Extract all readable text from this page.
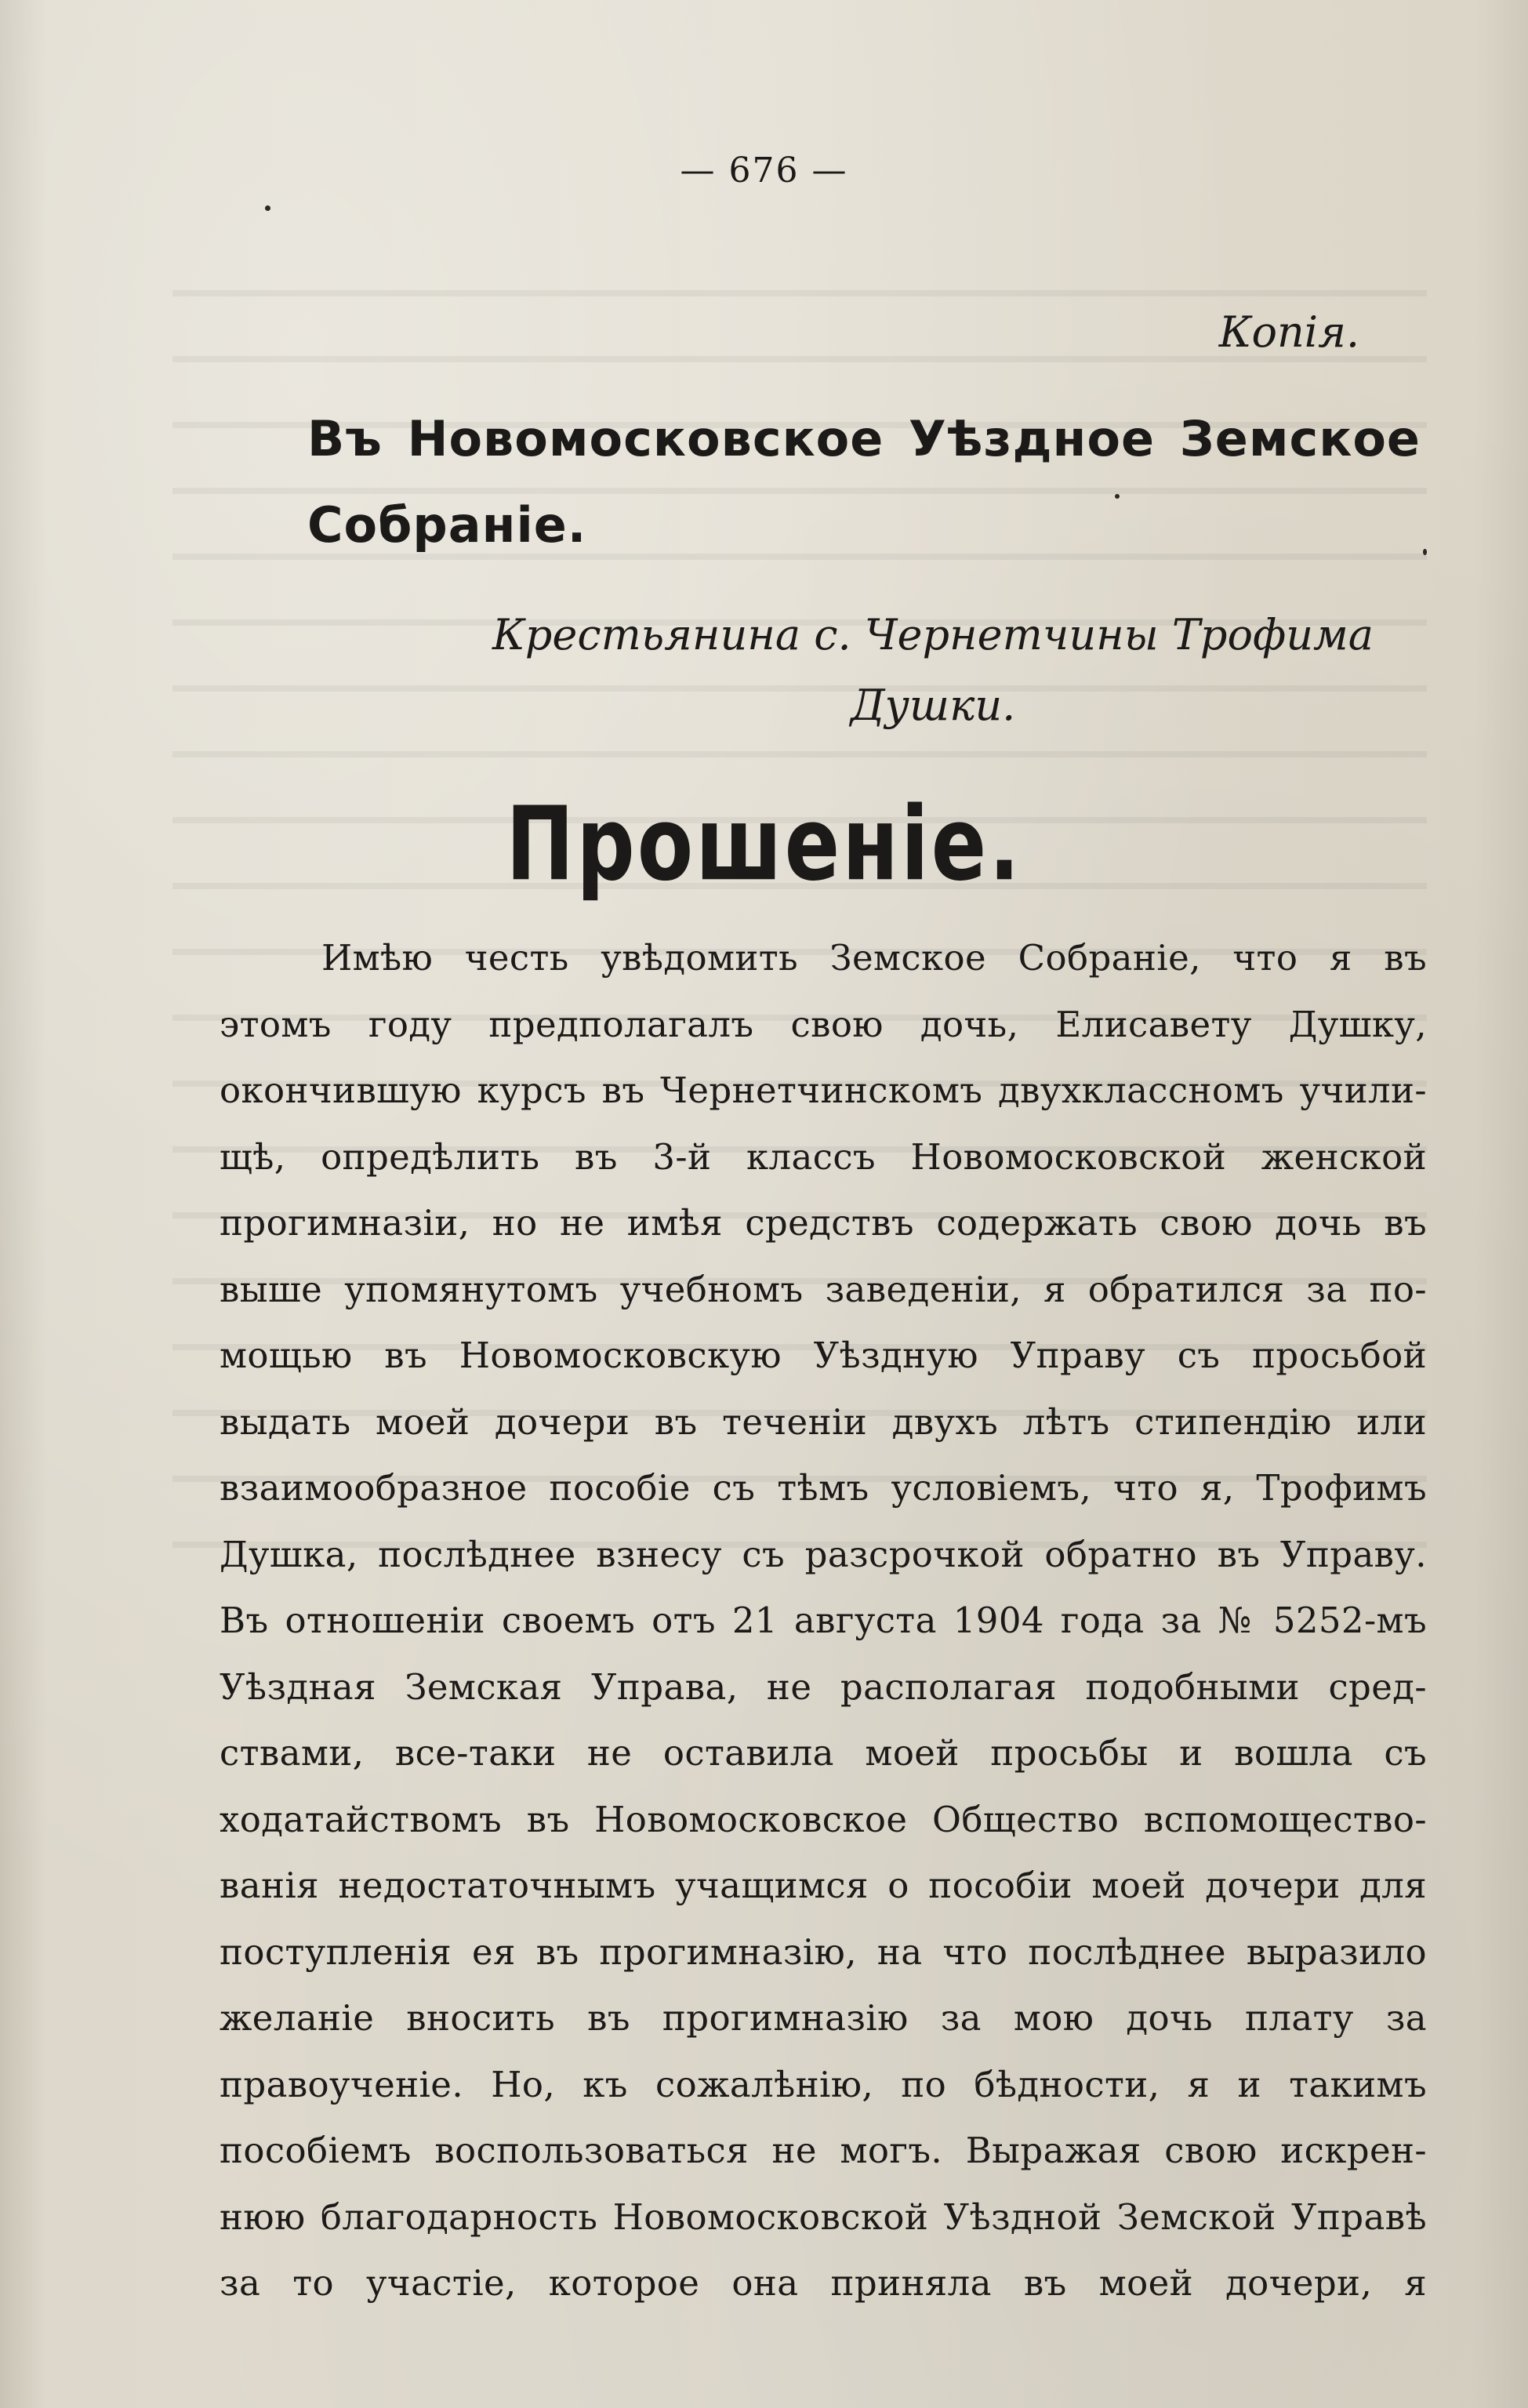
— 676 —
Копія.
Въ Новомосковское Уѣздное Земское Собраніе.
Крестьянина с. Чернетчины Трофима
Душки.
Прошеніе.
Имѣю честь увѣдомить Земское Собраніе, что я въ
этомъ году предполагалъ свою дочь, Елисавету Душку,
окончившую курсъ въ Чернетчинскомъ двухклассномъ учили-
щѣ, опредѣлить въ 3-й классъ Новомосковской женской
прогимназіи, но не имѣя средствъ содержать свою дочь въ
выше упомянутомъ учебномъ заведеніи, я обратился за по-
мощью въ Новомосковскую Уѣздную Управу съ просьбой
выдать моей дочери въ теченіи двухъ лѣтъ стипендію или
взаимообразное пособіе съ тѣмъ условіемъ, что я, Трофимъ
Душка, послѣднее взнесу съ разсрочкой обратно въ Управу.
Въ отношеніи своемъ отъ 21 августа 1904 года за № 5252-мъ
Уѣздная Земская Управа, не располагая подобными сред-
ствами, все-таки не оставила моей просьбы и вошла съ
ходатайствомъ въ Новомосковское Общество вспомоществo-
ванія недостаточнымъ учащимся о пособіи моей дочери для
поступленія ея въ прогимназію, на что послѣднее выразило
желаніе вносить въ прогимназію за мою дочь плату за
правоученіе. Но, къ сожалѣнію, по бѣдности, я и такимъ
пособіемъ воспользоваться не могъ. Выражая свою искрен-
нюю благодарность Новомосковской Уѣздной Земской Управѣ
за то участіе, которое она приняла въ моей дочери, я
